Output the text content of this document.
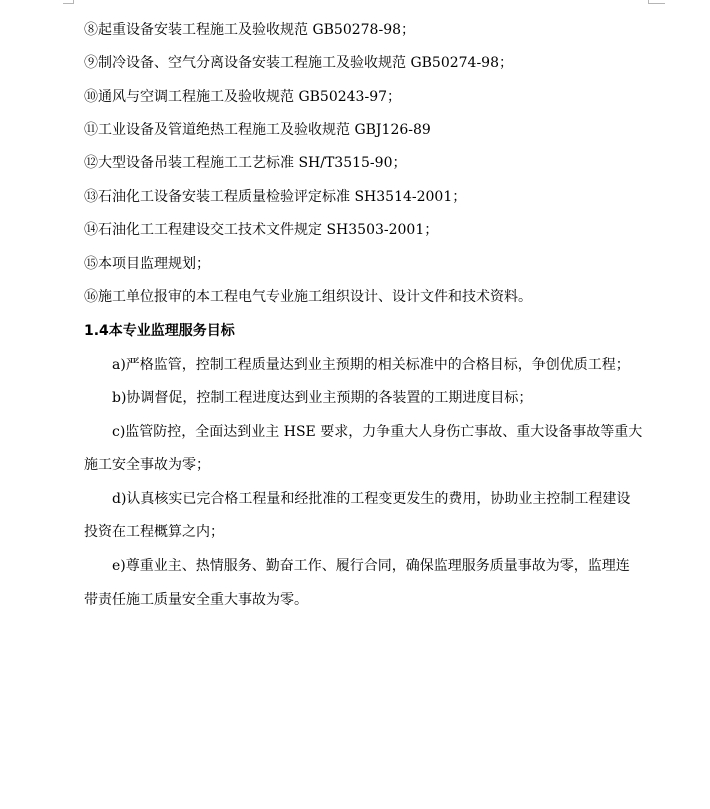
⑧起重设备安装工程施工及验收规范 GB50278-98；
⑨制冷设备、空气分离设备安装工程施工及验收规范 GB50274-98；
⑩通风与空调工程施工及验收规范 GB50243-97；
⑪工业设备及管道绝热工程施工及验收规范 GBJ126-89
⑫大型设备吊装工程施工工艺标准 SH/T3515-90；
⑬石油化工设备安装工程质量检验评定标准 SH3514-2001；
⑭石油化工工程建设交工技术文件规定 SH3503-2001；
⑮本项目监理规划；
⑯施工单位报审的本工程电气专业施工组织设计、设计文件和技术资料。
1.4本专业监理服务目标
a)严格监管，控制工程质量达到业主预期的相关标准中的合格目标，争创优质工程；
b)协调督促，控制工程进度达到业主预期的各装置的工期进度目标；
c)监管防控，全面达到业主 HSE 要求，力争重大人身伤亡事故、重大设备事故等重大
施工安全事故为零；
d)认真核实已完合格工程量和经批准的工程变更发生的费用，协助业主控制工程建设
投资在工程概算之内；
e)尊重业主、热情服务、勤奋工作、履行合同，确保监理服务质量事故为零，监理连
带责任施工质量安全重大事故为零。
